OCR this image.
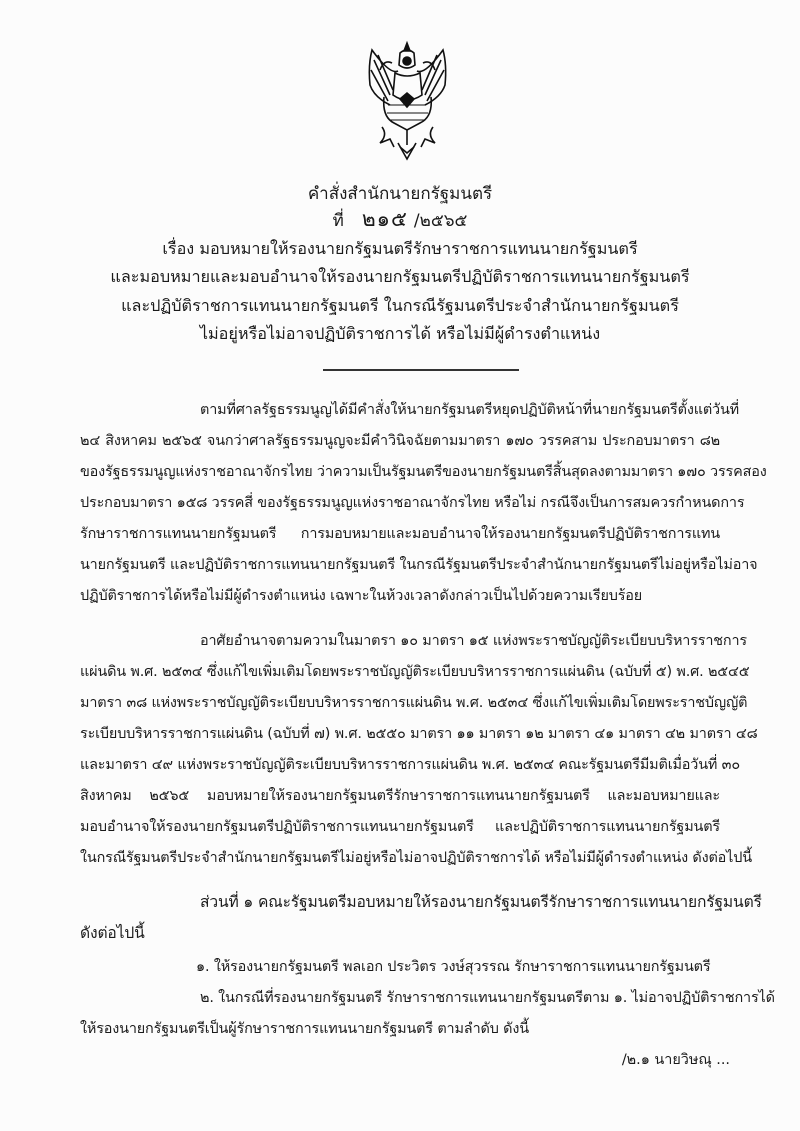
คำสั่งสำนักนายกรัฐมนตรี
ที่ ๒๑๕ /๒๕๖๕
เรื่อง มอบหมายให้รองนายกรัฐมนตรีรักษาราชการแทนนายกรัฐมนตรี
และมอบหมายและมอบอำนาจให้รองนายกรัฐมนตรีปฏิบัติราชการแทนนายกรัฐมนตรี
และปฏิบัติราชการแทนนายกรัฐมนตรี ในกรณีรัฐมนตรีประจำสำนักนายกรัฐมนตรี
ไม่อยู่หรือไม่อาจปฏิบัติราชการได้ หรือไม่มีผู้ดำรงตำแหน่ง
ตามที่ศาลรัฐธรรมนูญได้มีคำสั่งให้นายกรัฐมนตรีหยุดปฏิบัติหน้าที่นายกรัฐมนตรีตั้งแต่วันที่
๒๔ สิงหาคม ๒๕๖๕ จนกว่าศาลรัฐธรรมนูญจะมีคำวินิจฉัยตามมาตรา ๑๗๐ วรรคสาม ประกอบมาตรา ๘๒
ของรัฐธรรมนูญแห่งราชอาณาจักรไทย ว่าความเป็นรัฐมนตรีของนายกรัฐมนตรีสิ้นสุดลงตามมาตรา ๑๗๐ วรรคสอง
ประกอบมาตรา ๑๕๘ วรรคสี่ ของรัฐธรรมนูญแห่งราชอาณาจักรไทย หรือไม่ กรณีจึงเป็นการสมควรกำหนดการ
รักษาราชการแทนนายกรัฐมนตรี การมอบหมายและมอบอำนาจให้รองนายกรัฐมนตรีปฏิบัติราชการแทน
นายกรัฐมนตรี และปฏิบัติราชการแทนนายกรัฐมนตรี ในกรณีรัฐมนตรีประจำสำนักนายกรัฐมนตรีไม่อยู่หรือไม่อาจ
ปฏิบัติราชการได้หรือไม่มีผู้ดำรงตำแหน่ง เฉพาะในห้วงเวลาดังกล่าวเป็นไปด้วยความเรียบร้อย
อาศัยอำนาจตามความในมาตรา ๑๐ มาตรา ๑๕ แห่งพระราชบัญญัติระเบียบบริหารราชการ
แผ่นดิน พ.ศ. ๒๕๓๔ ซึ่งแก้ไขเพิ่มเติมโดยพระราชบัญญัติระเบียบบริหารราชการแผ่นดิน (ฉบับที่ ๕) พ.ศ. ๒๕๔๕
มาตรา ๓๘ แห่งพระราชบัญญัติระเบียบบริหารราชการแผ่นดิน พ.ศ. ๒๕๓๔ ซึ่งแก้ไขเพิ่มเติมโดยพระราชบัญญัติ
ระเบียบบริหารราชการแผ่นดิน (ฉบับที่ ๗) พ.ศ. ๒๕๕๐ มาตรา ๑๑ มาตรา ๑๒ มาตรา ๔๑ มาตรา ๔๒ มาตรา ๔๘
และมาตรา ๔๙ แห่งพระราชบัญญัติระเบียบบริหารราชการแผ่นดิน พ.ศ. ๒๕๓๔ คณะรัฐมนตรีมีมติเมื่อวันที่ ๓๐
สิงหาคม ๒๕๖๕ มอบหมายให้รองนายกรัฐมนตรีรักษาราชการแทนนายกรัฐมนตรี และมอบหมายและ
มอบอำนาจให้รองนายกรัฐมนตรีปฏิบัติราชการแทนนายกรัฐมนตรี และปฏิบัติราชการแทนนายกรัฐมนตรี
ในกรณีรัฐมนตรีประจำสำนักนายกรัฐมนตรีไม่อยู่หรือไม่อาจปฏิบัติราชการได้ หรือไม่มีผู้ดำรงตำแหน่ง ดังต่อไปนี้
ส่วนที่ ๑ คณะรัฐมนตรีมอบหมายให้รองนายกรัฐมนตรีรักษาราชการแทนนายกรัฐมนตรี
ดังต่อไปนี้
๑. ให้รองนายกรัฐมนตรี พลเอก ประวิตร วงษ์สุวรรณ รักษาราชการแทนนายกรัฐมนตรี
๒. ในกรณีที่รองนายกรัฐมนตรี รักษาราชการแทนนายกรัฐมนตรีตาม ๑. ไม่อาจปฏิบัติราชการได้
ให้รองนายกรัฐมนตรีเป็นผู้รักษาราชการแทนนายกรัฐมนตรี ตามลำดับ ดังนี้
/๒.๑ นายวิษณุ ...
